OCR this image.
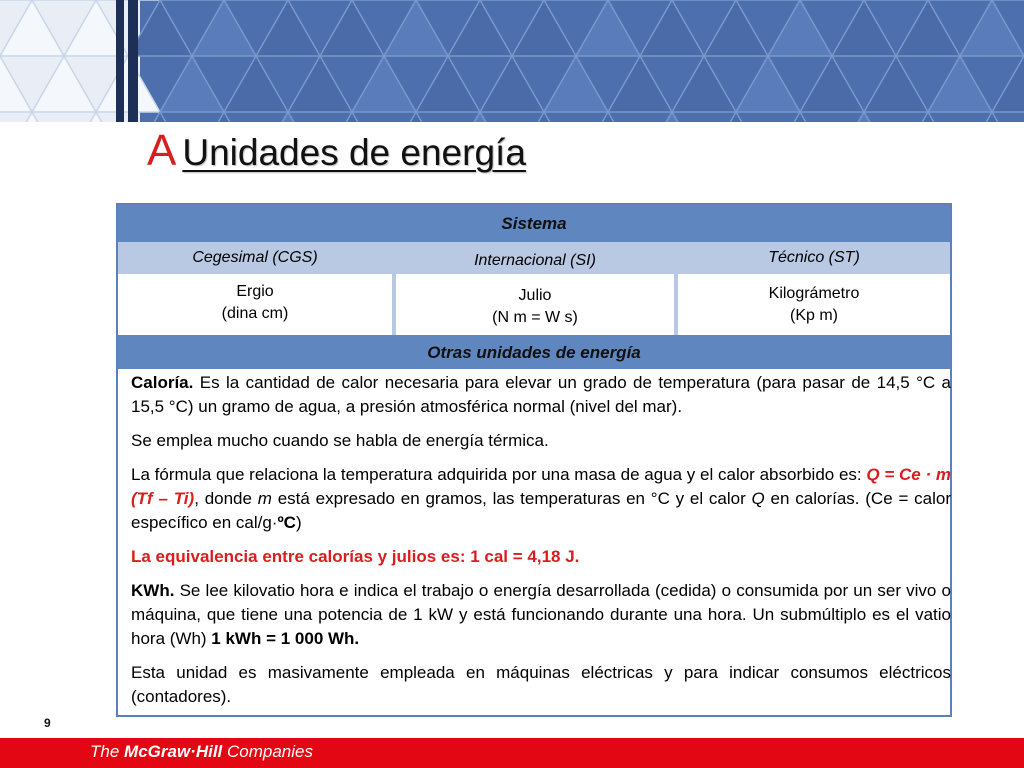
A Unidades de energía
Sistema
Cegesimal (CGS)	Internacional (SI)	Técnico (ST)
Ergio
(dina cm)
Julio
(N m = W s)
Kilográmetro
(Kp m)
Otras unidades de energía

Caloría. Es la cantidad de calor necesaria para elevar un grado de temperatura (para pasar de 14,5 °C a 15,5 °C) un gramo de agua, a presión atmosférica normal (nivel del mar).

Se emplea mucho cuando se habla de energía térmica.

La fórmula que relaciona la temperatura adquirida por una masa de agua y el calor absorbido es: Q = Ce · m (Tf – Ti), donde m está expresado en gramos, las temperaturas en °C y el calor Q en calorías. (Ce = calor específico en cal/g·ºC)

La equivalencia entre calorías y julios es: 1 cal = 4,18 J.

KWh. Se lee kilovatio hora e indica el trabajo o energía desarrollada (cedida) o consumida por un ser vivo o máquina, que tiene una potencia de 1 kW y está funcionando durante una hora. Un submúltiplo es el vatio hora (Wh) 1 kWh = 1 000 Wh.

Esta unidad es masivamente empleada en máquinas eléctricas y para indicar consumos eléctricos (contadores).

9
The McGraw·Hill Companies
